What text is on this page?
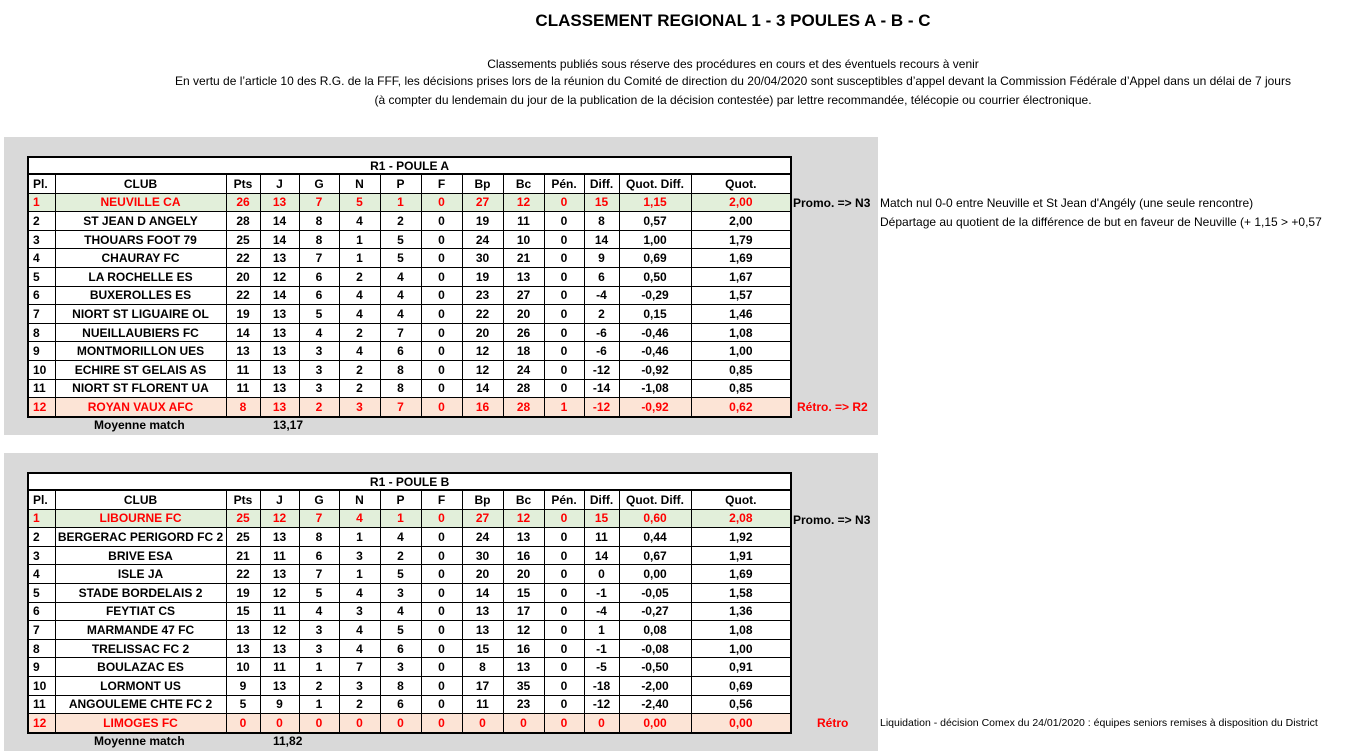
CLASSEMENT REGIONAL 1 - 3 POULES A - B - C
Classements publiés sous réserve des procédures en cours et des éventuels recours à venir
En vertu de l’article 10 des R.G. de la FFF, les décisions prises lors de la réunion du Comité de direction du 20/04/2020 sont susceptibles d’appel devant la Commission Fédérale d’Appel dans un délai de 7 jours
(à compter du lendemain du jour de la publication de la décision contestée) par lettre recommandée, télécopie ou courrier électronique.
R1 - POULE A													
Pl.	CLUB	Pts	J	G	N	P	F	Bp	Bc	Pén.	Diff.	Quot. Diff.	Quot.
1	NEUVILLE CA	26	13	7	5	1	0	27	12	0	15	1,15	2,00
2	ST JEAN D ANGELY	28	14	8	4	2	0	19	11	0	8	0,57	2,00
3	THOUARS FOOT 79	25	14	8	1	5	0	24	10	0	14	1,00	1,79
4	CHAURAY FC	22	13	7	1	5	0	30	21	0	9	0,69	1,69
5	LA ROCHELLE ES	20	12	6	2	4	0	19	13	0	6	0,50	1,67
6	BUXEROLLES ES	22	14	6	4	4	0	23	27	0	-4	-0,29	1,57
7	NIORT ST LIGUAIRE OL	19	13	5	4	4	0	22	20	0	2	0,15	1,46
8	NUEILLAUBIERS FC	14	13	4	2	7	0	20	26	0	-6	-0,46	1,08
9	MONTMORILLON UES	13	13	3	4	6	0	12	18	0	-6	-0,46	1,00
10	ECHIRE ST GELAIS AS	11	13	3	2	8	0	12	24	0	-12	-0,92	0,85
11	NIORT ST FLORENT UA	11	13	3	2	8	0	14	28	0	-14	-1,08	0,85
12	ROYAN VAUX AFC	8	13	2	3	7	0	16	28	1	-12	-0,92	0,62
Moyenne match	13,17
Promo. => N3 Match nul 0-0 entre Neuville et St Jean d'Angély (une seule rencontre)
Départage au quotient de la différence de but en faveur de Neuville (+ 1,15 > +0,57
Rétro. => R2
R1 - POULE B													
Pl.	CLUB	Pts	J	G	N	P	F	Bp	Bc	Pén.	Diff.	Quot. Diff.	Quot.
1	LIBOURNE FC	25	12	7	4	1	0	27	12	0	15	0,60	2,08
2	BERGERAC PERIGORD FC 2	25	13	8	1	4	0	24	13	0	11	0,44	1,92
3	BRIVE ESA	21	11	6	3	2	0	30	16	0	14	0,67	1,91
4	ISLE JA	22	13	7	1	5	0	20	20	0	0	0,00	1,69
5	STADE BORDELAIS 2	19	12	5	4	3	0	14	15	0	-1	-0,05	1,58
6	FEYTIAT CS	15	11	4	3	4	0	13	17	0	-4	-0,27	1,36
7	MARMANDE 47 FC	13	12	3	4	5	0	13	12	0	1	0,08	1,08
8	TRELISSAC FC 2	13	13	3	4	6	0	15	16	0	-1	-0,08	1,00
9	BOULAZAC ES	10	11	1	7	3	0	8	13	0	-5	-0,50	0,91
10	LORMONT US	9	13	2	3	8	0	17	35	0	-18	-2,00	0,69
11	ANGOULEME CHTE FC 2	5	9	1	2	6	0	11	23	0	-12	-2,40	0,56
12	LIMOGES FC	0	0	0	0	0	0	0	0	0	0	0,00	0,00
Moyenne match	11,82
Promo. => N3
Rétro	Liquidation - décision Comex du 24/01/2020 : équipes seniors remises à disposition du District
